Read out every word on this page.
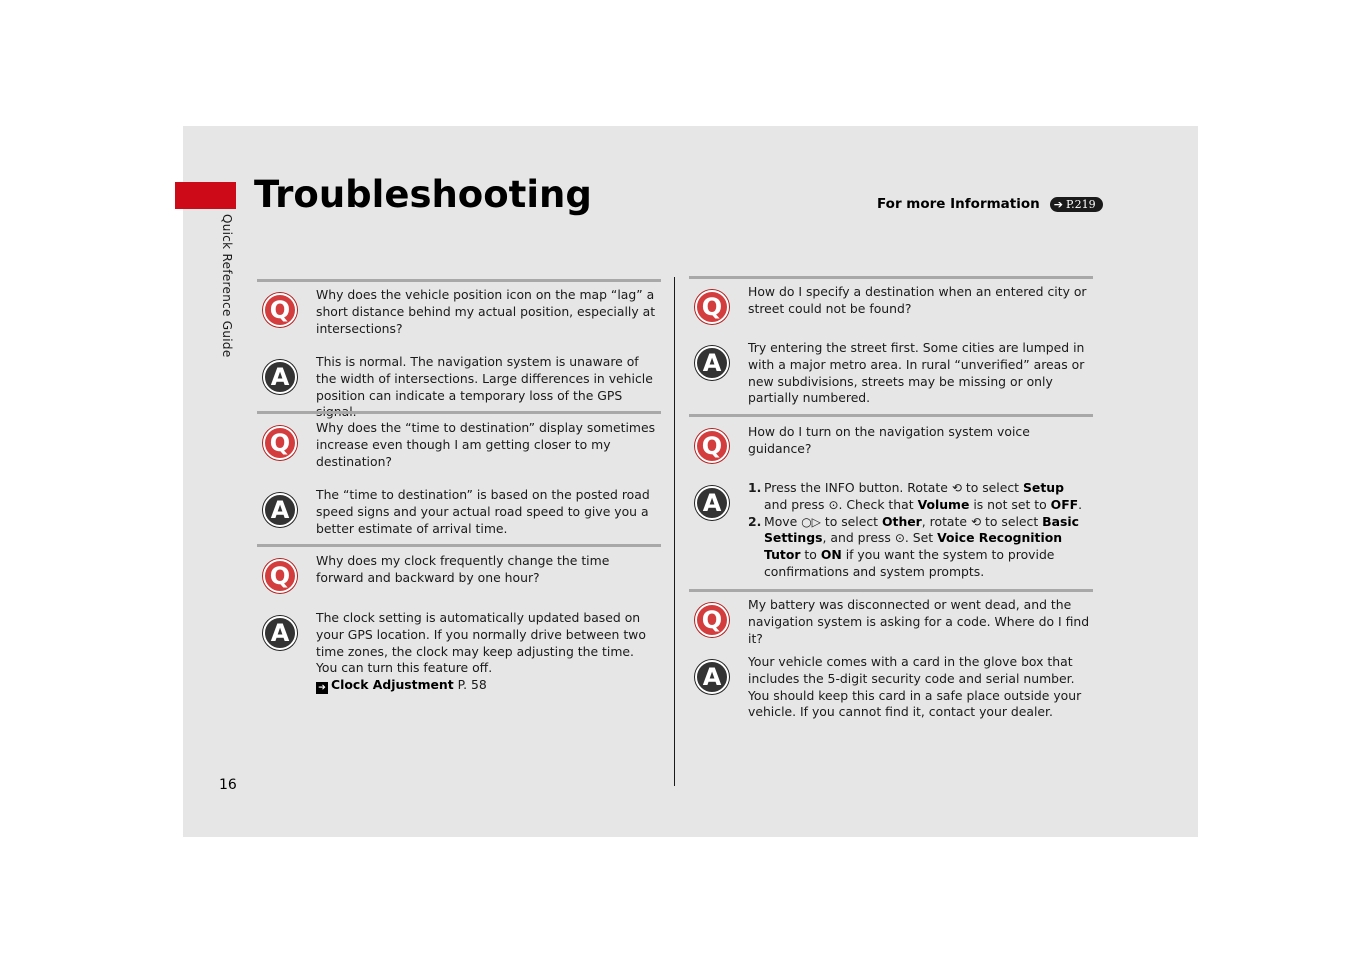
Quick Reference Guide
Troubleshooting	For more Information ➔ P.219
Q
Why does the vehicle position icon on the map “lag” a short distance behind my actual position, especially at intersections?
A
This is normal. The navigation system is unaware of the width of intersections. Large differences in vehicle position can indicate a temporary loss of the GPS
Q
Why does the “time to destination” display sometimes increase even though I am getting closer to my destination?
A
The “time to destination” is based on the posted road speed signs and your actual road speed to give you a better estimate of arrival time.
Q
Why does my clock frequently change the time forward and backward by one hour?
A
The clock setting is automatically updated based on your GPS location. If you normally drive between two time zones, the clock may keep adjusting the time. You can turn this feature off.
➔ Clock Adjustment P. 58
Q
How do I specify a destination when an entered city or street could not be found?
A
Try entering the street first. Some cities are lumped in with a major metro area. In rural “unverified” areas or new subdivisions, streets may be missing or only partially numbered.
Q
How do I turn on the navigation system voice guidance?
A
1. Press the INFO button. Rotate ⟲ to select Setup and press ⊙. Check that Volume is not set to OFF.
2. Move ○▷ to select Other, rotate ⟲ to select Basic Settings, and press ⊙. Set Voice Recognition Tutor to ON if you want the system to provide confirmations and system prompts.
Q
My battery was disconnected or went dead, and the navigation system is asking for a code. Where do I find it?
A
Your vehicle comes with a card in the glove box that includes the 5-digit security code and serial number. You should keep this card in a safe place outside your vehicle. If you cannot find it, contact your dealer.
16
